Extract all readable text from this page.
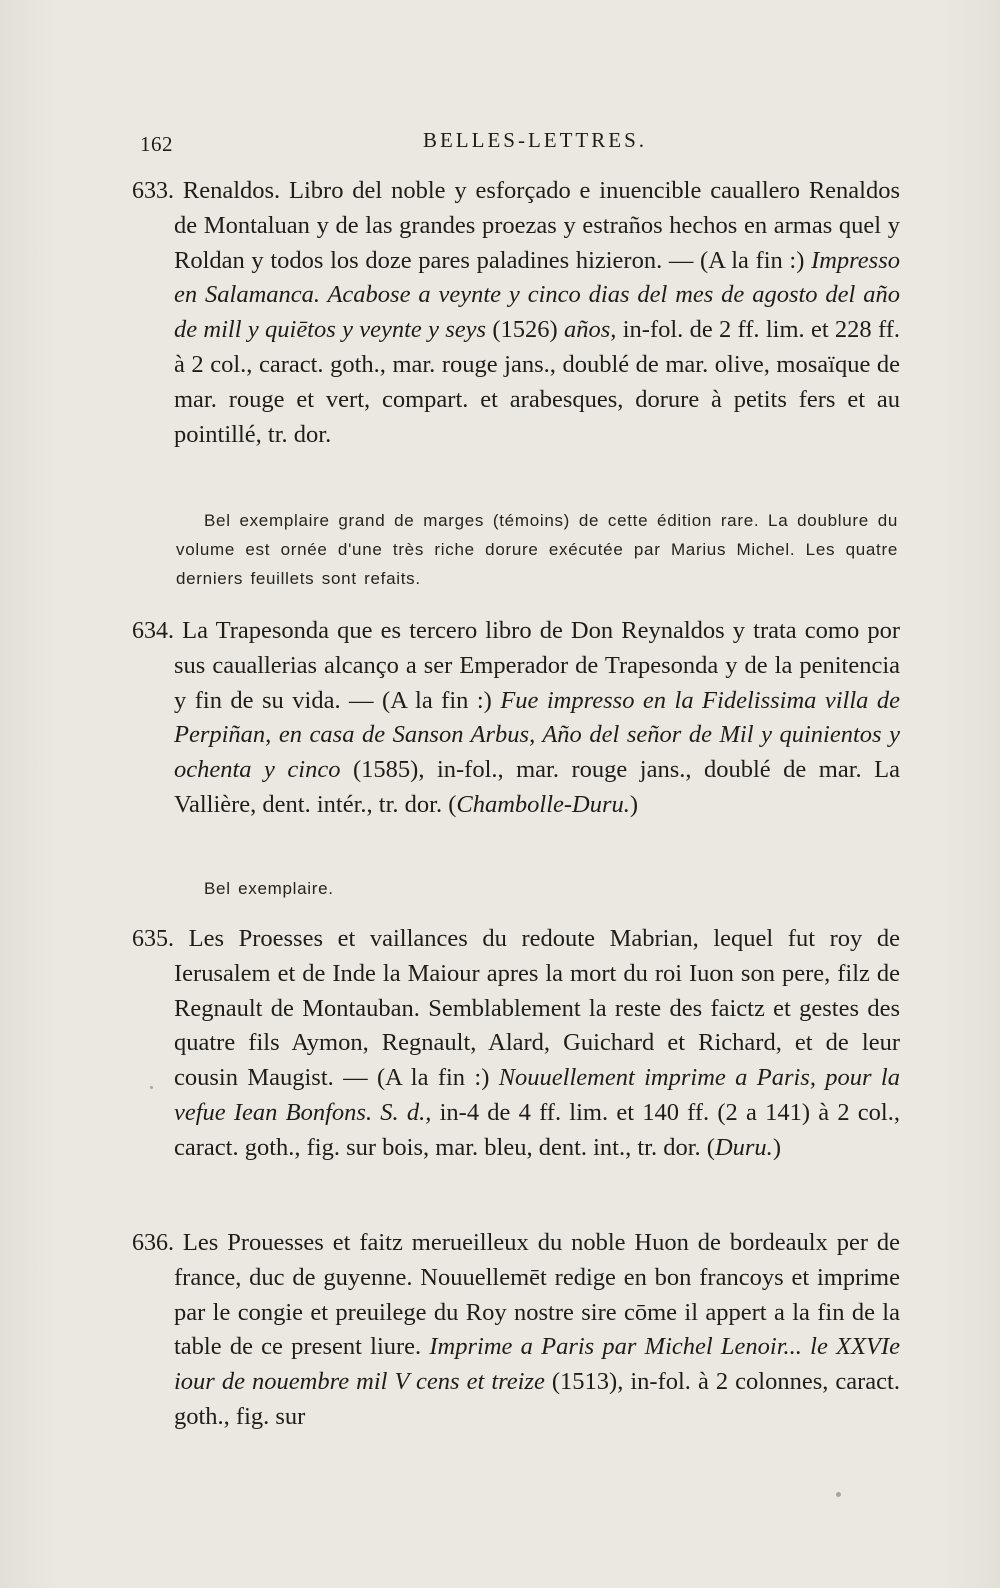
162	BELLES-LETTRES.

633. Renaldos. Libro del noble y esforçado e inuencible cauallero Renaldos de Montaluan y de las grandes proezas y estraños hechos en armas quel y Roldan y todos los doze pares paladines hizieron. — (A la fin :) Impresso en Salamanca. Acabose a veynte y cinco dias del mes de agosto del año de mill y quiētos y veynte y seys (1526) años, in-fol. de 2 ff. lim. et 228 ff. à 2 col., caract. goth., mar. rouge jans., doublé de mar. olive, mosaïque de mar. rouge et vert, compart. et arabesques, dorure à petits fers et au pointillé, tr. dor.

Bel exemplaire grand de marges (témoins) de cette édition rare. La doublure du volume est ornée d'une très riche dorure exécutée par Marius Michel. Les quatre derniers feuillets sont refaits.

634. La Trapesonda que es tercero libro de Don Reynaldos y trata como por sus cauallerias alcanço a ser Emperador de Trapesonda y de la penitencia y fin de su vida. — (A la fin :) Fue impresso en la Fidelissima villa de Perpiñan, en casa de Sanson Arbus, Año del señor de Mil y quinientos y ochenta y cinco (1585), in-fol., mar. rouge jans., doublé de mar. La Vallière, dent. intér., tr. dor. (Chambolle-Duru.)

Bel exemplaire.

635. Les Proesses et vaillances du redoute Mabrian, lequel fut roy de Ierusalem et de Inde la Maiour apres la mort du roi Iuon son pere, filz de Regnault de Montauban. Semblablement la reste des faictz et gestes des quatre fils Aymon, Regnault, Alard, Guichard et Richard, et de leur cousin Maugist. — (A la fin :) Nouuellement imprime a Paris, pour la vefue Iean Bonfons. S. d., in-4 de 4 ff. lim. et 140 ff. (2 a 141) à 2 col., caract. goth., fig. sur bois, mar. bleu, dent. int., tr. dor. (Duru.)

636. Les Prouesses et faitz merueilleux du noble Huon de bordeaulx per de france, duc de guyenne. Nouuellemēt redige en bon francoys et imprime par le congie et preuilege du Roy nostre sire cōme il appert a la fin de la table de ce present liure. Imprime a Paris par Michel Lenoir... le XXVIe iour de nouembre mil V cens et treize (1513), in-fol. à 2 colonnes, caract. goth., fig. sur
